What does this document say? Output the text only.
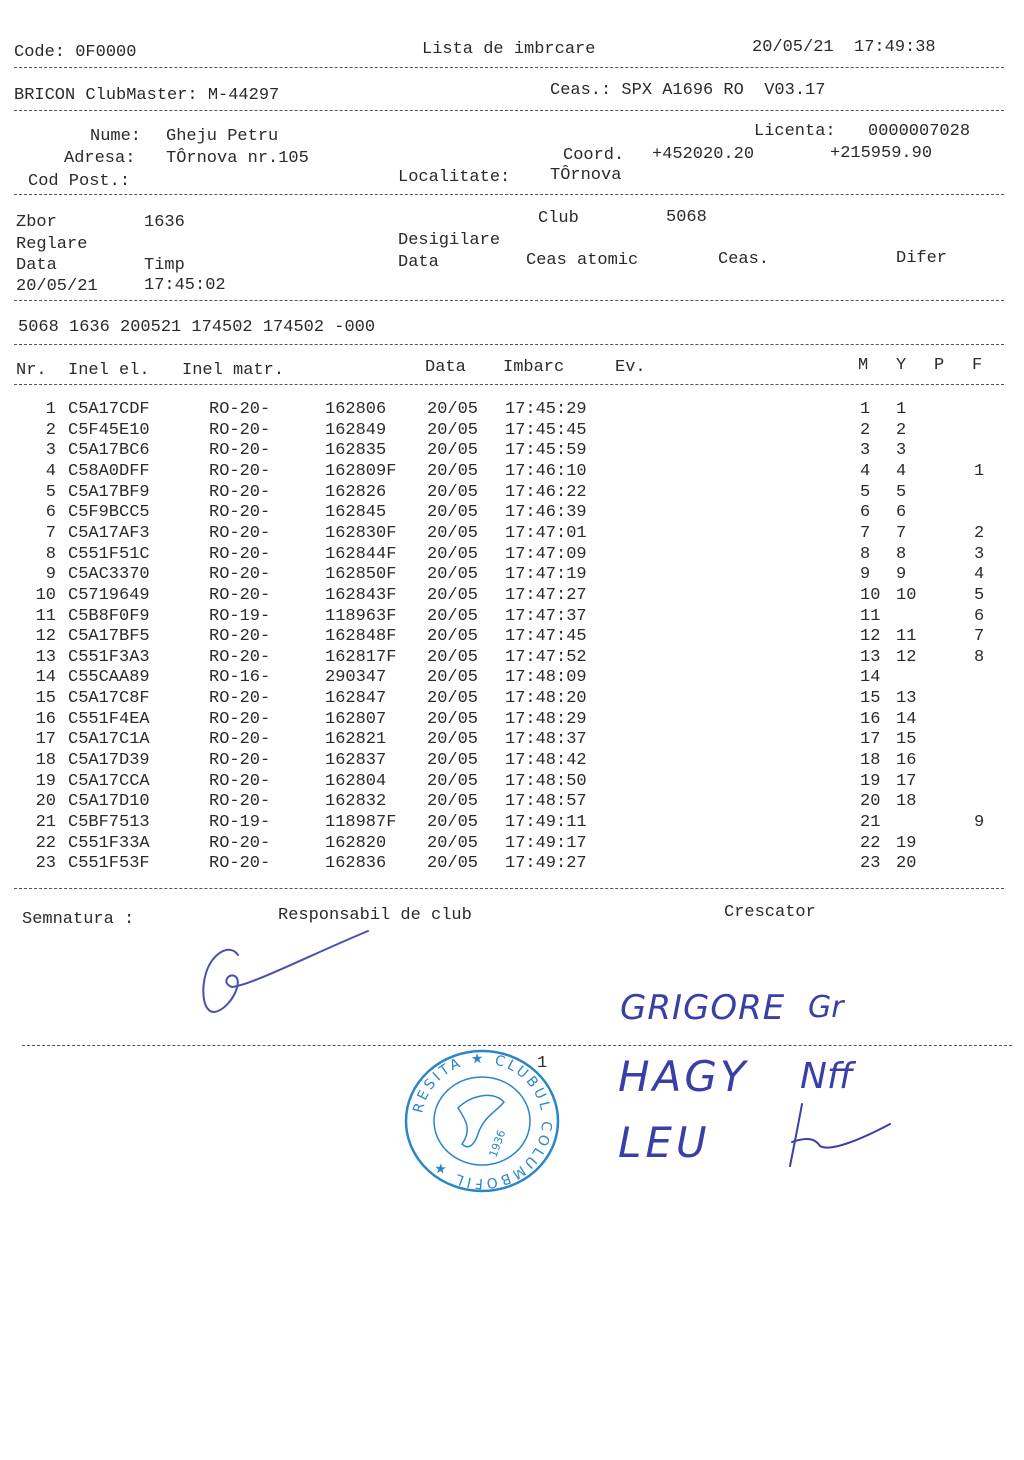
Code: 0F0000	Lista de imbrcare	20/05/21  17:49:38
BRICON ClubMaster: M-44297	Ceas.: SPX A1696 RO  V03.17
Nume: Gheju Petru
Adresa: TÔrnova nr.105
Cod Post.:
Licenta: 0000007028
Coord. +452020.20	+215959.90
Localitate: TÔrnova
Zbor	1636	Club	5068
Reglare	Desigilare
Data	Timp	Data	Ceas atomic	Ceas.	Difer
20/05/21	17:45:02
5068 1636 200521 174502 174502 -000
Nr. Inel el. Inel matr.	Data Imbarc	Ev.	M Y P F
1 C5A17CDF	RO-20-	162806 20/05 17:45:29	1 1
2 C5F45E10	RO-20-	162849 20/05 17:45:45	2 2
3 C5A17BC6	RO-20-	162835 20/05 17:45:59	3 3
4 C58A0DFF	RO-20-	162809F 20/05 17:46:10	4 4	1
5 C5A17BF9	RO-20-	162826 20/05 17:46:22	5 5
6 C5F9BCC5	RO-20-	162845 20/05 17:46:39	6 6
7 C5A17AF3	RO-20-	162830F 20/05 17:47:01	7 7	2
8 C551F51C	RO-20-	162844F 20/05 17:47:09	8 8	3
9 C5AC3370	RO-20-	162850F 20/05 17:47:19	9 9	4
10 C5719649	RO-20-	162843F 20/05 17:47:27	10 10	5
11 C5B8F0F9	RO-19-	118963F 20/05 17:47:37	11	6
12 C5A17BF5	RO-20-	162848F 20/05 17:47:45	12 11	7
13 C551F3A3	RO-20-	162817F 20/05 17:47:52	13 12	8
14 C55CAA89	RO-16-	290347 20/05 17:48:09	14
15 C5A17C8F	RO-20-	162847 20/05 17:48:20	15 13
16 C551F4EA	RO-20-	162807 20/05 17:48:29	16 14
17 C5A17C1A	RO-20-	162821 20/05 17:48:37	17 15
18 C5A17D39	RO-20-	162837 20/05 17:48:42	18 16
19 C5A17CCA	RO-20-	162804 20/05 17:48:50	19 17
20 C5A17D10	RO-20-	162832 20/05 17:48:57	20 18
21 C5BF7513	RO-19-	118987F 20/05 17:49:11	21	9
22 C551F33A	RO-20-	162820 20/05 17:49:17	22 19
23 C551F53F	RO-20-	162836 20/05 17:49:27	23 20
Semnatura :	Responsabil de club	Crescator
GRIGORE Gr
HAGY Nff
LEU
1
RESITA ★ CLUBUL COLUMBOFIL ★
1936
